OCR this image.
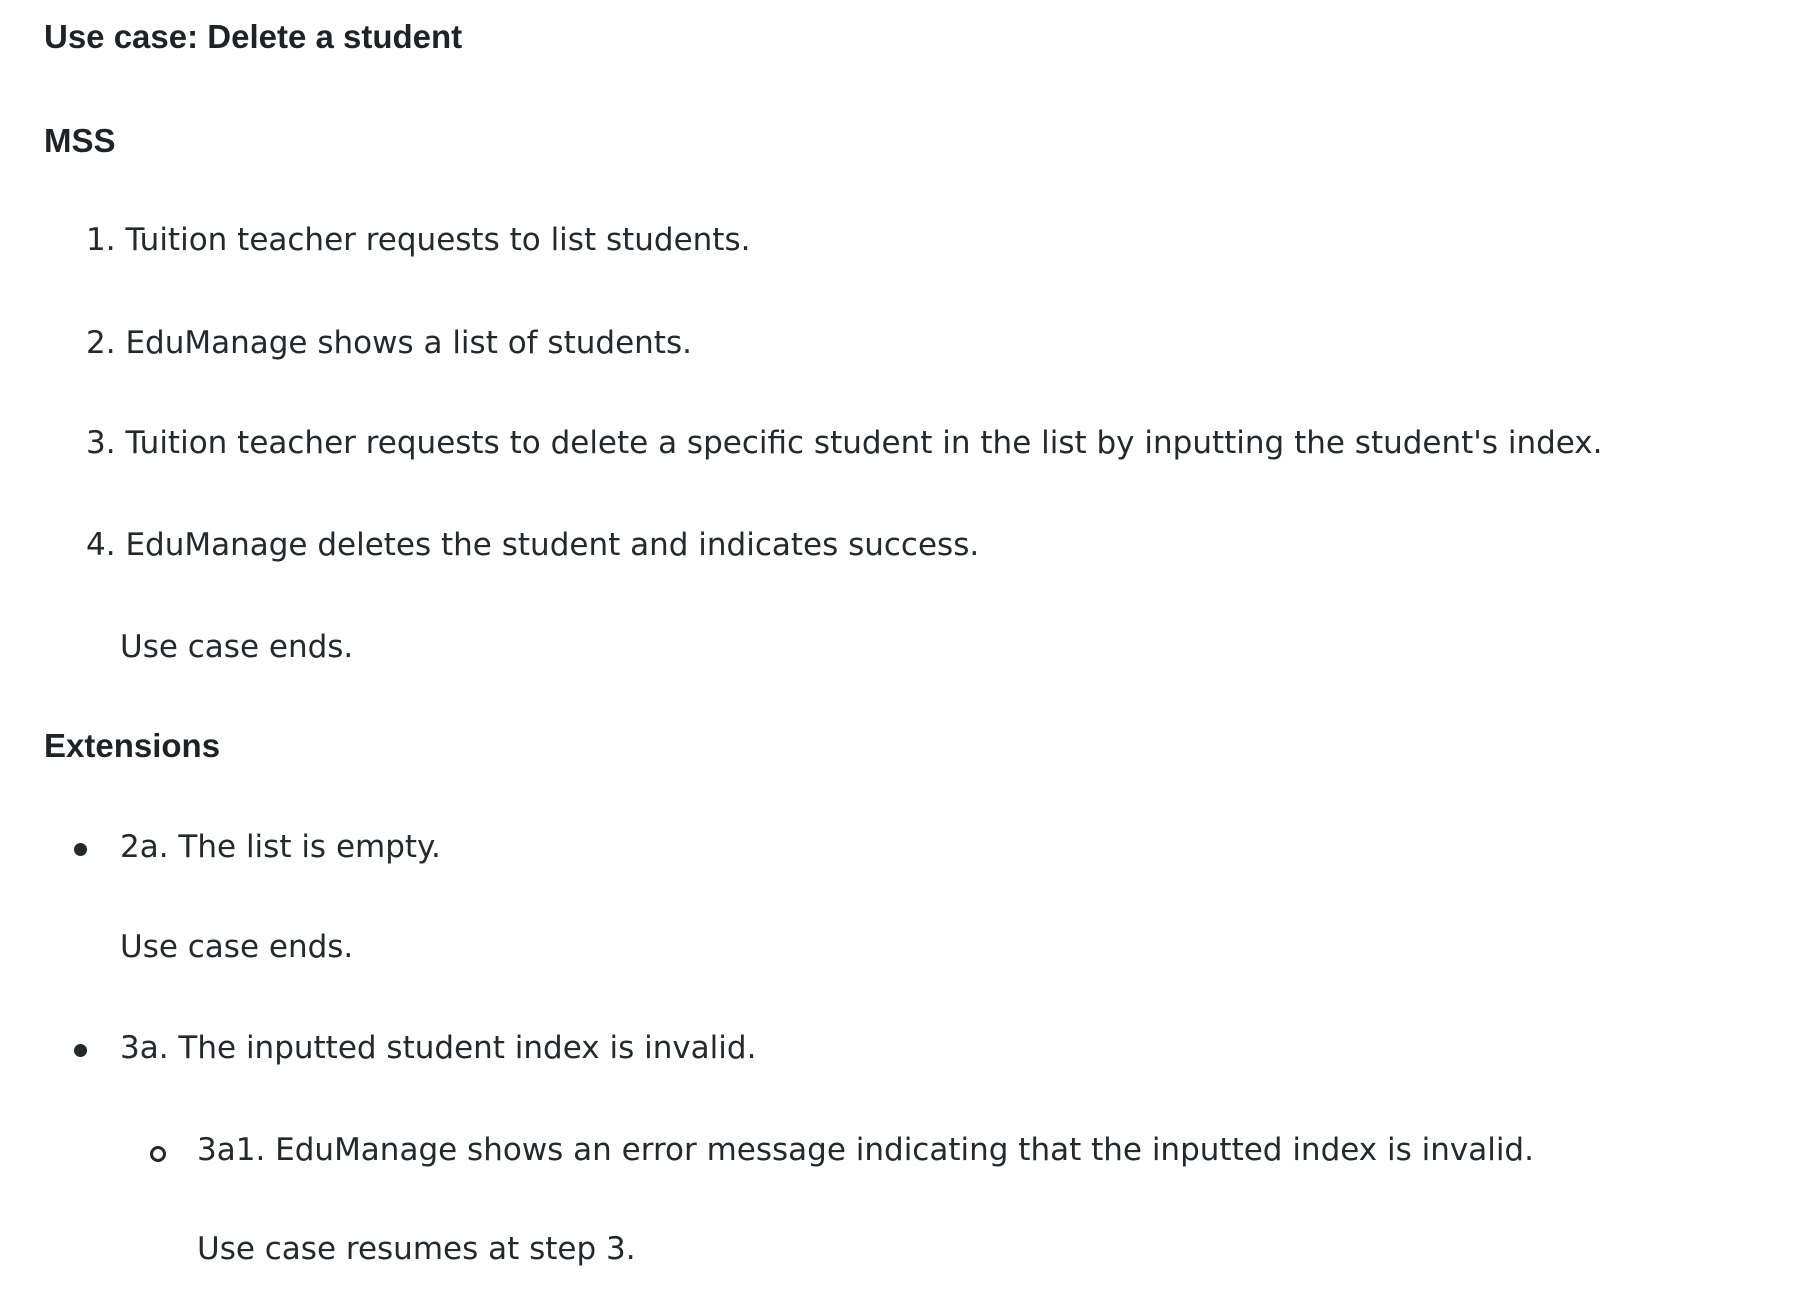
Use case: Delete a student
MSS
1. Tuition teacher requests to list students.
2. EduManage shows a list of students.
3. Tuition teacher requests to delete a specific student in the list by inputting the student's index.
4. EduManage deletes the student and indicates success.
Use case ends.
Extensions
2a. The list is empty.
Use case ends.
3a. The inputted student index is invalid.
3a1. EduManage shows an error message indicating that the inputted index is invalid.
Use case resumes at step 3.
